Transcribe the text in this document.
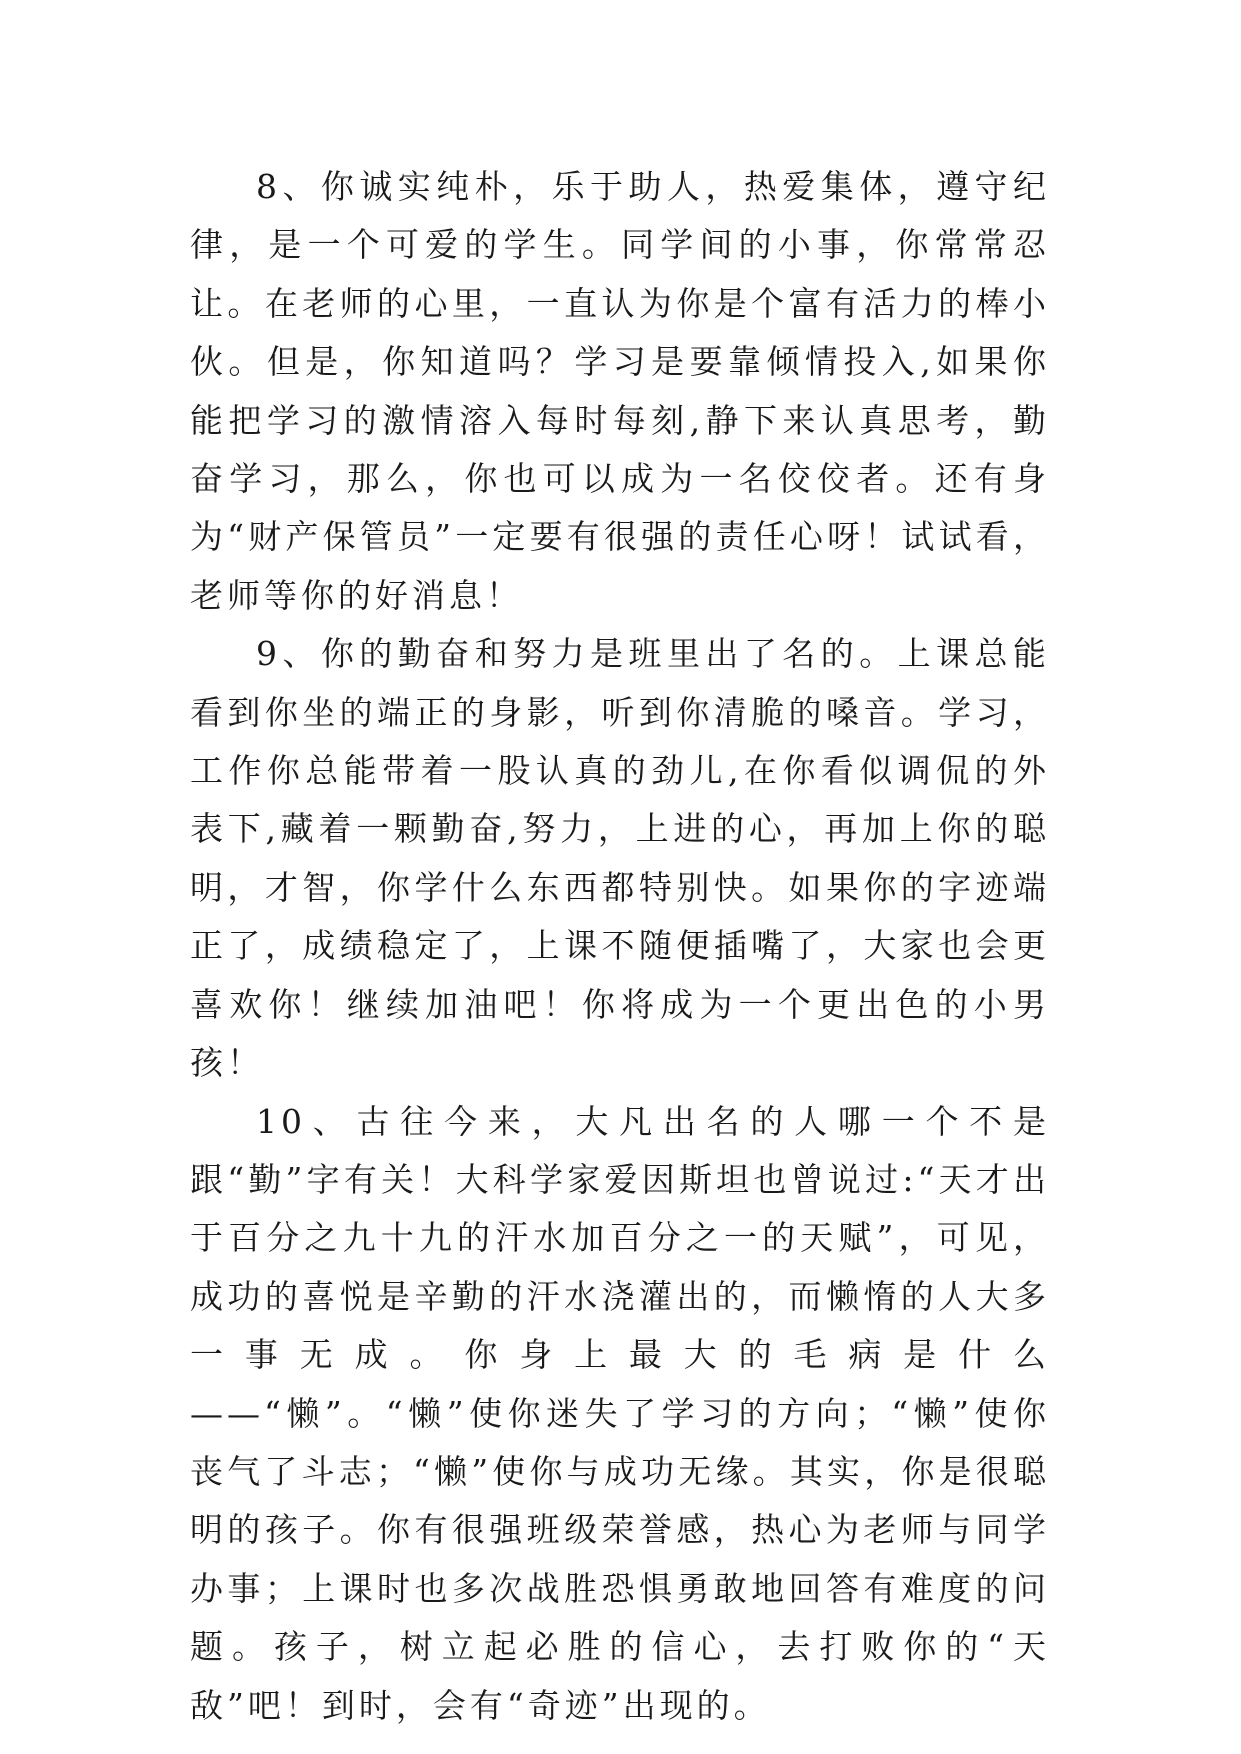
8、你诚实纯朴，乐于助人，热爱集体，遵守纪律，是一个可爱的学生。同学间的小事，你常常忍让。在老师的心里，一直认为你是个富有活力的棒小伙。但是，你知道吗？学习是要靠倾情投入,如果你能把学习的激情溶入每时每刻,静下来认真思考，勤奋学习，那么，你也可以成为一名佼佼者。还有身为“财产保管员”一定要有很强的责任心呀！试试看，老师等你的好消息！

9、你的勤奋和努力是班里出了名的。上课总能看到你坐的端正的身影，听到你清脆的嗓音。学习，工作你总能带着一股认真的劲儿,在你看似调侃的外表下,藏着一颗勤奋,努力，上进的心，再加上你的聪明，才智，你学什么东西都特别快。如果你的字迹端正了，成绩稳定了，上课不随便插嘴了，大家也会更喜欢你！继续加油吧！你将成为一个更出色的小男孩！

10、古往今来，大凡出名的人哪一个不是跟“勤”字有关！大科学家爱因斯坦也曾说过:“天才出于百分之九十九的汗水加百分之一的天赋”，可见，成功的喜悦是辛勤的汗水浇灌出的，而懒惰的人大多一事无成。你身上最大的毛病是什么——“懒”。“懒”使你迷失了学习的方向；“懒”使你丧气了斗志；“懒”使你与成功无缘。其实，你是很聪明的孩子。你有很强班级荣誉感，热心为老师与同学办事；上课时也多次战胜恐惧勇敢地回答有难度的问题。孩子，树立起必胜的信心，去打败你的“天敌”吧！到时，会有“奇迹”出现的。
